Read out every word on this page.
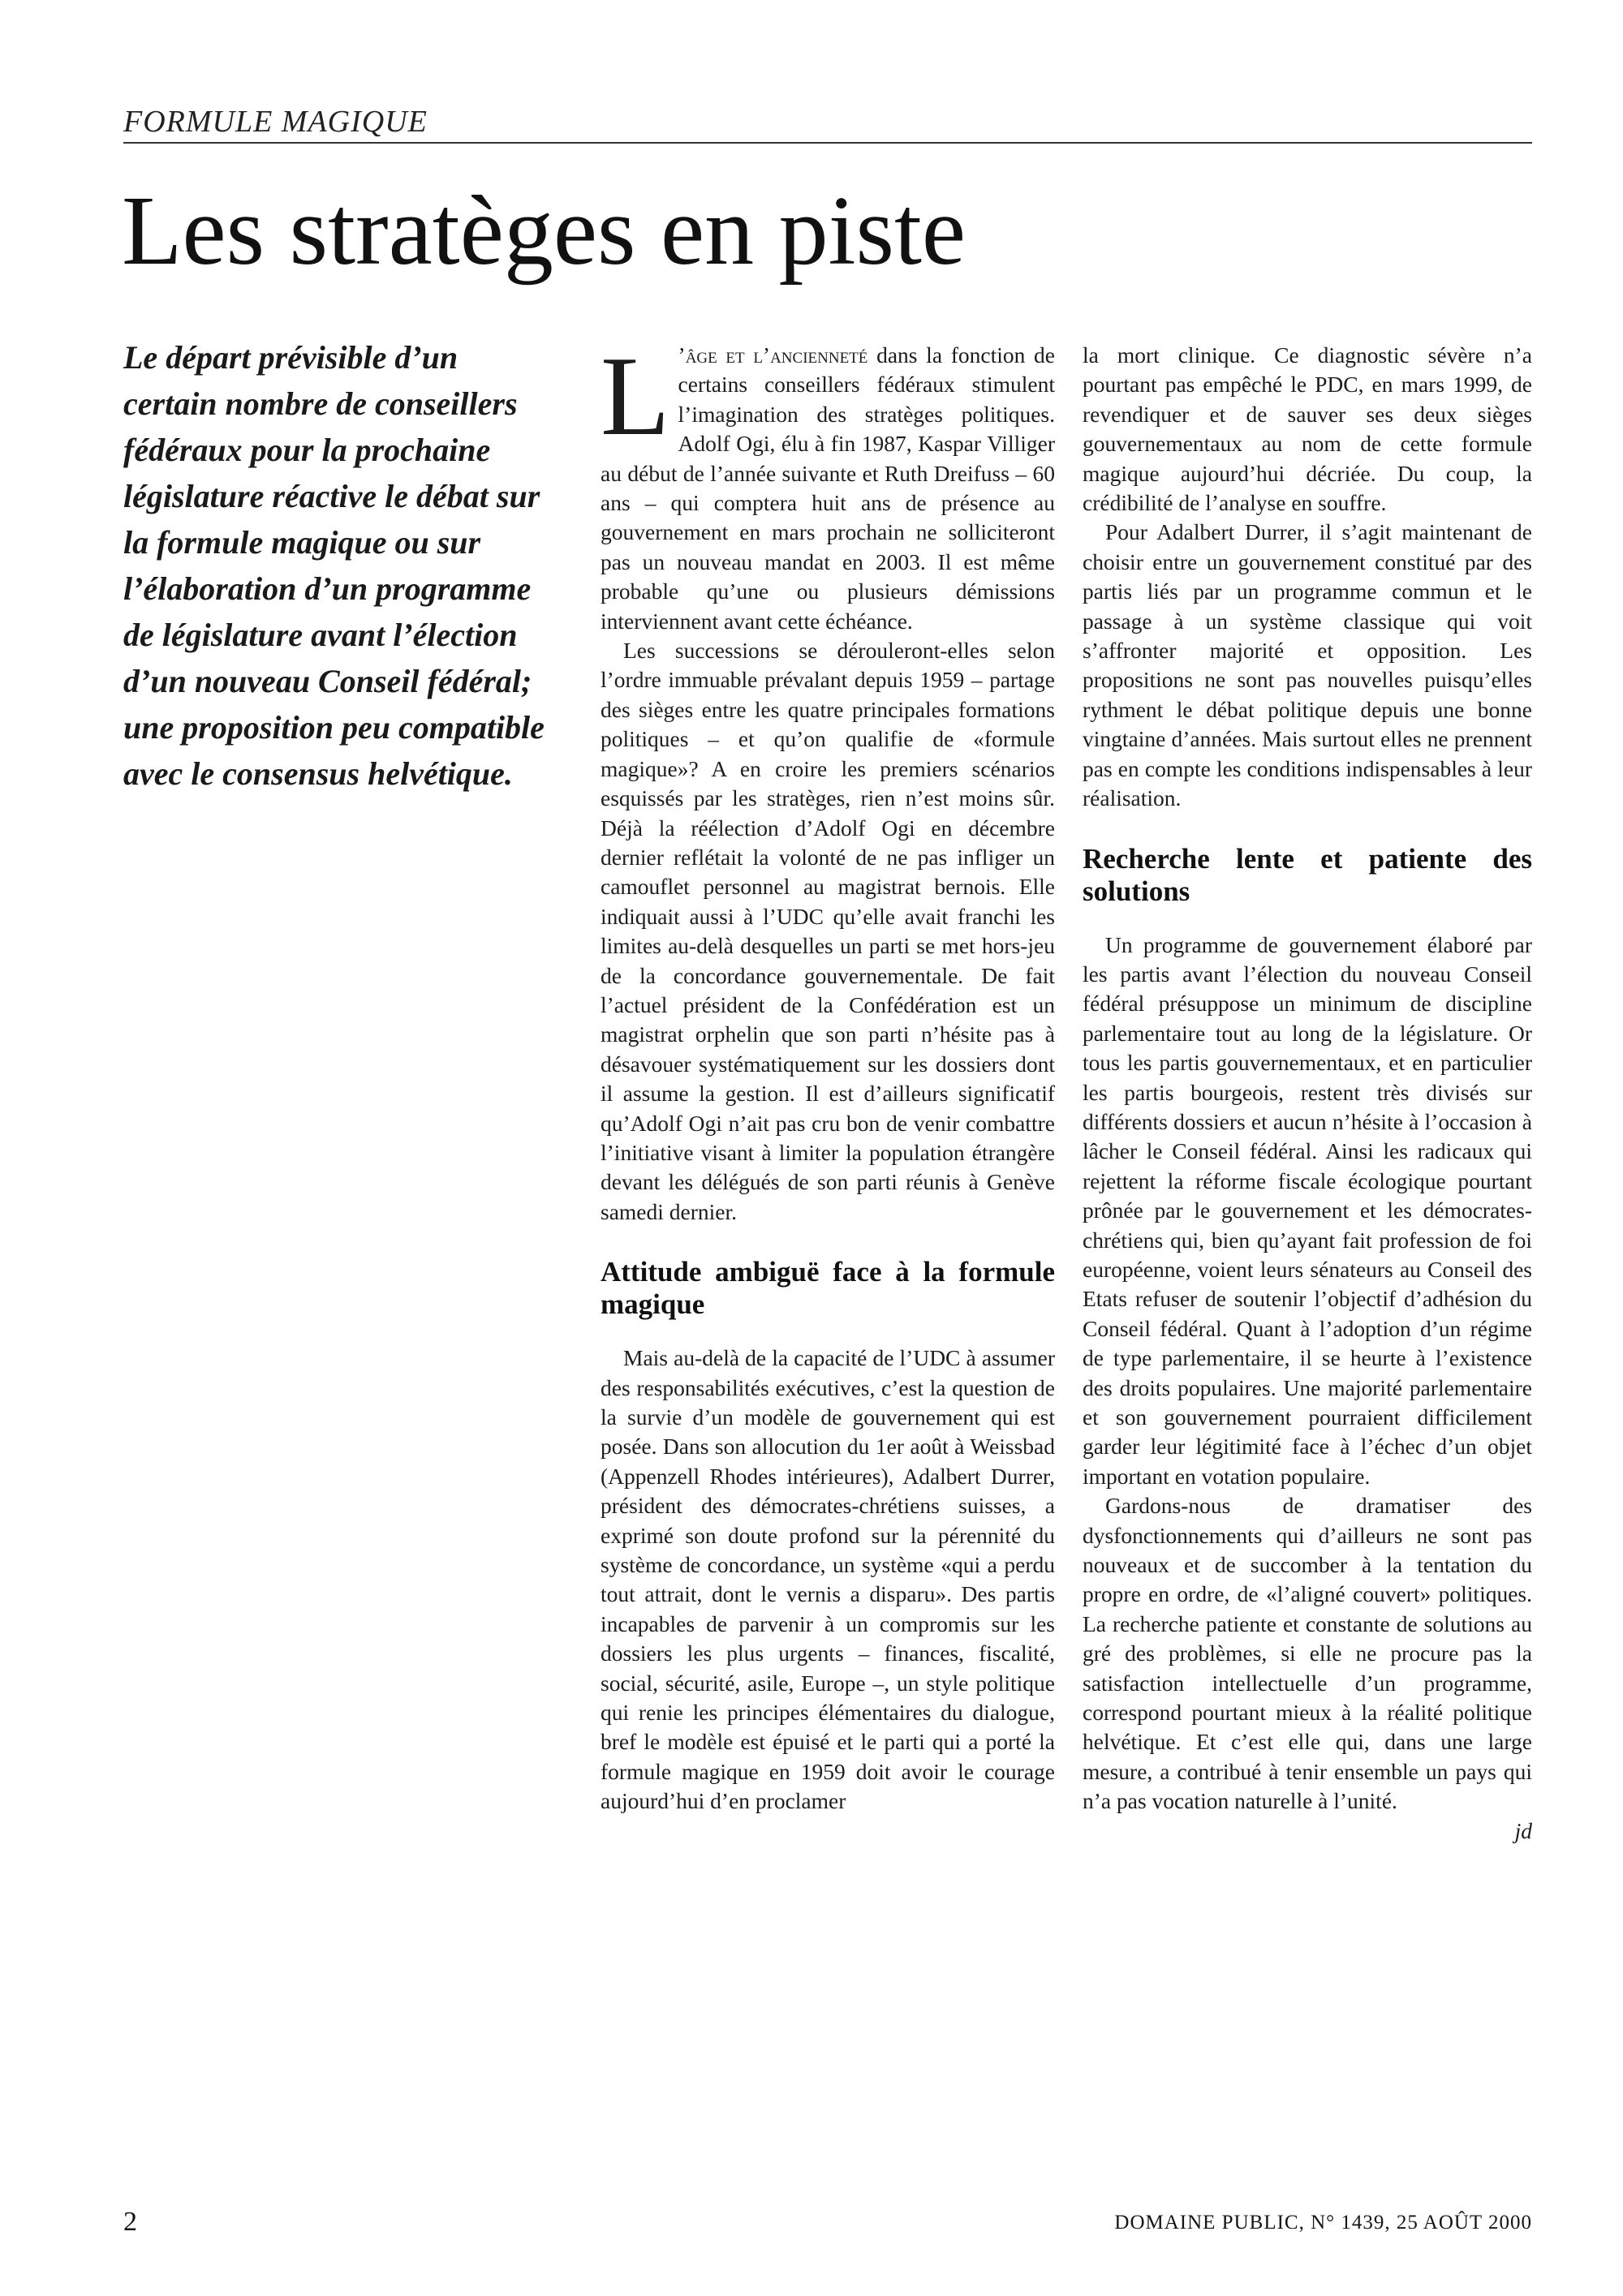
FORMULE MAGIQUE
Les stratèges en piste
Le départ prévisible d’un certain nombre de conseillers fédéraux pour la prochaine législature réactive le débat sur la formule magique ou sur l’élaboration d’un programme de législature avant l’élection d’un nouveau Conseil fédéral; une proposition peu compatible avec le consensus helvétique.

L ’âge et l’ancienneté dans la fonction de certains conseillers fédéraux stimulent l’imagination des stratèges politiques. Adolf Ogi, élu à fin 1987, Kaspar Villiger au début de l’année suivante et Ruth Dreifuss – 60 ans – qui comptera huit ans de présence au gouvernement en mars prochain ne solliciteront pas un nouveau mandat en 2003. Il est même probable qu’une ou plusieurs démissions interviennent avant cette échéance.

Les successions se dérouleront-elles selon l’ordre immuable prévalant depuis 1959 – partage des sièges entre les quatre principales formations politiques – et qu’on qualifie de «formule magique»? A en croire les premiers scénarios esquissés par les stratèges, rien n’est moins sûr. Déjà la réélection d’Adolf Ogi en décembre dernier reflétait la volonté de ne pas infliger un camouflet personnel au magistrat bernois. Elle indiquait aussi à l’UDC qu’elle avait franchi les limites au-delà desquelles un parti se met hors-jeu de la concordance gouvernementale. De fait l’actuel président de la Confédération est un magistrat orphelin que son parti n’hésite pas à désavouer systématiquement sur les dossiers dont il assume la gestion. Il est d’ailleurs significatif qu’Adolf Ogi n’ait pas cru bon de venir combattre l’initiative visant à limiter la population étrangère devant les délégués de son parti réunis à Genève samedi dernier.

Attitude ambiguë face à la formule magique

Mais au-delà de la capacité de l’UDC à assumer des responsabilités exécutives, c’est la question de la survie d’un modèle de gouvernement qui est posée. Dans son allocution du 1er août à Weissbad (Appenzell Rhodes intérieures), Adalbert Durrer, président des démocrates-chrétiens suisses, a exprimé son doute profond sur la pérennité du système de concordance, un système «qui a perdu tout attrait, dont le vernis a disparu». Des partis incapables de parvenir à un compromis sur les dossiers les plus urgents – finances, fiscalité, social, sécurité, asile, Europe –, un style politique qui renie les principes élémentaires du dialogue, bref le modèle est épuisé et le parti qui a porté la formule magique en 1959 doit avoir le courage aujourd’hui d’en proclamer

la mort clinique. Ce diagnostic sévère n’a pourtant pas empêché le PDC, en mars 1999, de revendiquer et de sauver ses deux sièges gouvernementaux au nom de cette formule magique aujourd’hui décriée. Du coup, la crédibilité de l’analyse en souffre.

Pour Adalbert Durrer, il s’agit maintenant de choisir entre un gouvernement constitué par des partis liés par un programme commun et le passage à un système classique qui voit s’affronter majorité et opposition. Les propositions ne sont pas nouvelles puisqu’elles rythment le débat politique depuis une bonne vingtaine d’années. Mais surtout elles ne prennent pas en compte les conditions indispensables à leur réalisation.

Recherche lente et patiente des solutions

Un programme de gouvernement élaboré par les partis avant l’élection du nouveau Conseil fédéral présuppose un minimum de discipline parlementaire tout au long de la législature. Or tous les partis gouvernementaux, et en particulier les partis bourgeois, restent très divisés sur différents dossiers et aucun n’hésite à l’occasion à lâcher le Conseil fédéral. Ainsi les radicaux qui rejettent la réforme fiscale écologique pourtant prônée par le gouvernement et les démocrates-chrétiens qui, bien qu’ayant fait profession de foi européenne, voient leurs sénateurs au Conseil des Etats refuser de soutenir l’objectif d’adhésion du Conseil fédéral. Quant à l’adoption d’un régime de type parlementaire, il se heurte à l’existence des droits populaires. Une majorité parlementaire et son gouvernement pourraient difficilement garder leur légitimité face à l’échec d’un objet important en votation populaire.

Gardons-nous de dramatiser des dysfonctionnements qui d’ailleurs ne sont pas nouveaux et de succomber à la tentation du propre en ordre, de «l’aligné couvert» politiques. La recherche patiente et constante de solutions au gré des problèmes, si elle ne procure pas la satisfaction intellectuelle d’un programme, correspond pourtant mieux à la réalité politique helvétique. Et c’est elle qui, dans une large mesure, a contribué à tenir ensemble un pays qui n’a pas vocation naturelle à l’unité.

jd
2	DOMAINE PUBLIC, N° 1439, 25 AOÛT 2000
